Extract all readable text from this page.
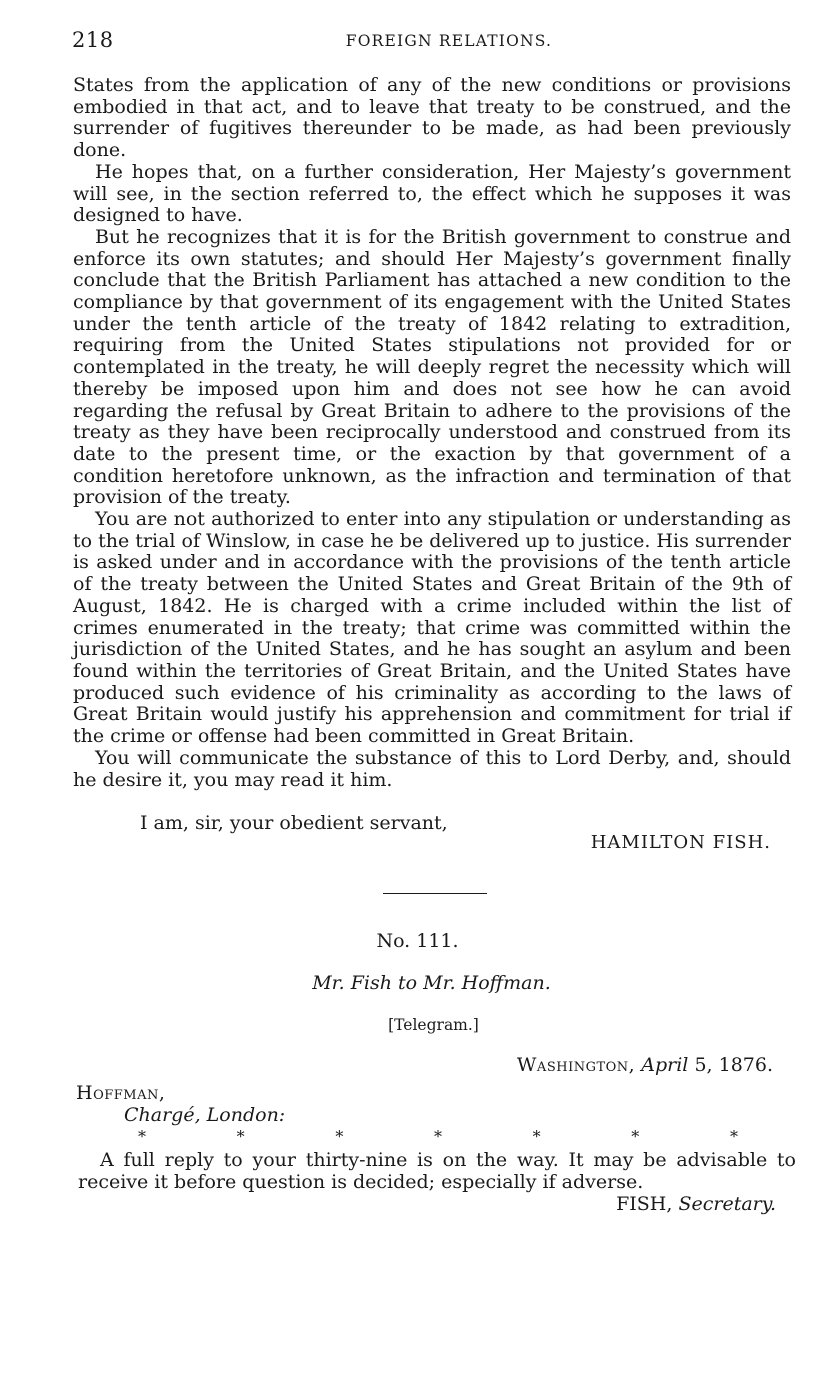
218	FOREIGN RELATIONS.

States from the application of any of the new conditions or provisions embodied in that act, and to leave that treaty to be construed, and the surrender of fugitives thereunder to be made, as had been previously done.

He hopes that, on a further consideration, Her Majesty’s government will see, in the section referred to, the effect which he supposes it was designed to have.

But he recognizes that it is for the British government to construe and enforce its own statutes; and should Her Majesty’s government finally conclude that the British Parliament has attached a new condition to the compliance by that government of its engagement with the United States under the tenth article of the treaty of 1842 relating to extradition, requiring from the United States stipulations not provided for or contemplated in the treaty, he will deeply regret the necessity which will thereby be imposed upon him and does not see how he can avoid regarding the refusal by Great Britain to adhere to the provisions of the treaty as they have been reciprocally understood and construed from its date to the present time, or the exaction by that government of a condition heretofore unknown, as the infraction and termination of that provision of the treaty.

You are not authorized to enter into any stipulation or understanding as to the trial of Winslow, in case he be delivered up to justice. His surrender is asked under and in accordance with the provisions of the tenth article of the treaty between the United States and Great Britain of the 9th of August, 1842. He is charged with a crime included within the list of crimes enumerated in the treaty; that crime was committed within the jurisdiction of the United States, and he has sought an asylum and been found within the territories of Great Britain, and the United States have produced such evidence of his criminality as according to the laws of Great Britain would justify his apprehension and commitment for trial if the crime or offense had been committed in Great Britain.

You will communicate the substance of this to Lord Derby, and, should he desire it, you may read it him.

I am, sir, your obedient servant,
HAMILTON FISH.
No. 111.
Mr. Fish to Mr. Hoffman.
[Telegram.]
Washington, April 5, 1876.
Hoffman,
Chargé, London:
*	*	*	*	*	*	*

A full reply to your thirty-nine is on the way. It may be advisable to receive it before question is decided; especially if adverse.

FISH, Secretary.
